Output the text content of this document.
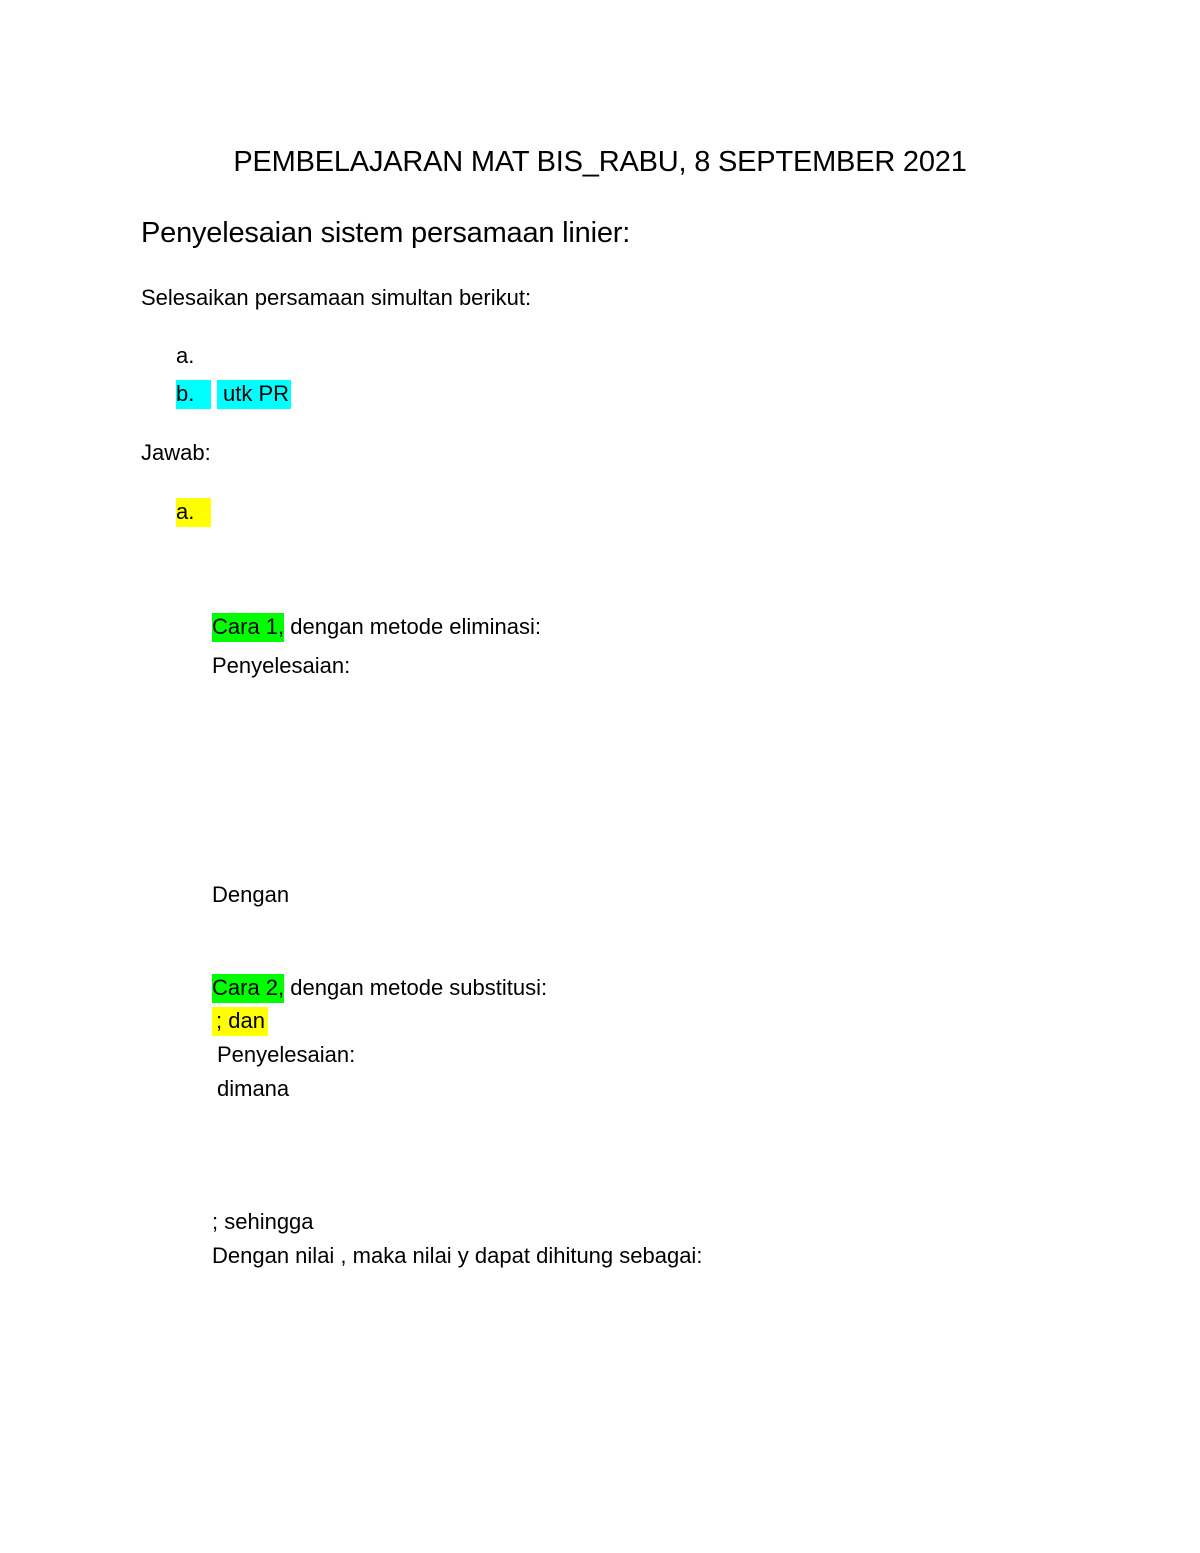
PEMBELAJARAN MAT BIS_RABU, 8 SEPTEMBER 2021
Penyelesaian sistem persamaan linier:
Selesaikan persamaan simultan berikut:
a.
b. utk PR
Jawab:
a.
Cara 1, dengan metode eliminasi:
Penyelesaian:
Dengan
Cara 2, dengan metode substitusi:
; dan
Penyelesaian:
dimana
; sehingga
Dengan nilai , maka nilai y dapat dihitung sebagai:
